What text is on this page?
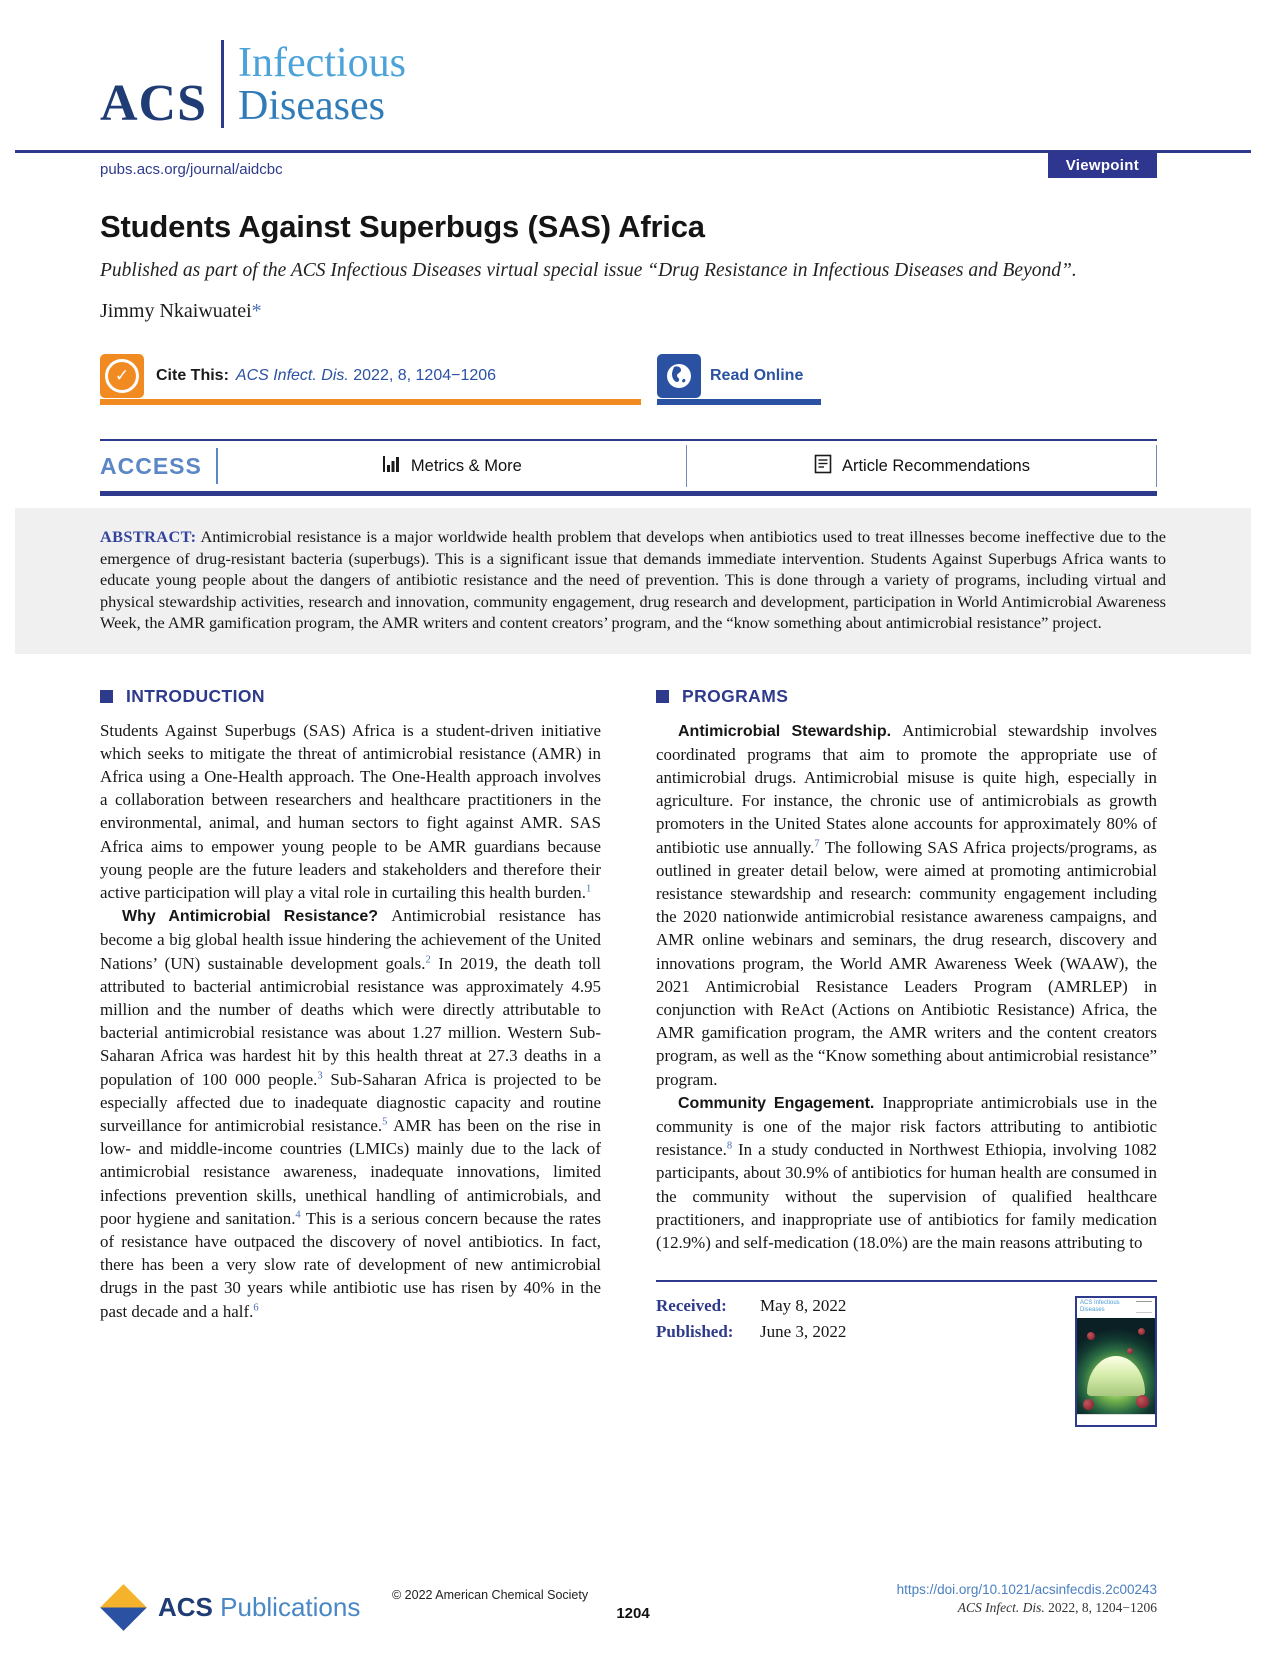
ACS
Infectious
Diseases
Viewpoint
pubs.acs.org/journal/aidcbc
Students Against Superbugs (SAS) Africa

Published as part of the ACS Infectious Diseases virtual special issue “Drug Resistance in Infectious Diseases and Beyond”.

Jimmy Nkaiwuatei*

✓ Cite This: ACS Infect. Dis. 2022, 8, 1204−1206	Read Online
ACCESS	Metrics & More	Article Recommendations

ABSTRACT: Antimicrobial resistance is a major worldwide health problem that develops when antibiotics used to treat illnesses become ineffective due to the emergence of drug-resistant bacteria (superbugs). This is a significant issue that demands immediate intervention. Students Against Superbugs Africa wants to educate young people about the dangers of antibiotic resistance and the need of prevention. This is done through a variety of programs, including virtual and physical stewardship activities, research and innovation, community engagement, drug research and development, participation in World Antimicrobial Awareness Week, the AMR gamification program, the AMR writers and content creators’ program, and the “know something about antimicrobial resistance” project.

INTRODUCTION

Students Against Superbugs (SAS) Africa is a student-driven initiative which seeks to mitigate the threat of antimicrobial resistance (AMR) in Africa using a One-Health approach. The One-Health approach involves a collaboration between researchers and healthcare practitioners in the environmental, animal, and human sectors to fight against AMR. SAS Africa aims to empower young people to be AMR guardians because young people are the future leaders and stakeholders and therefore their active participation will play a vital role in curtailing this health burden.$^1$

Why Antimicrobial Resistance? Antimicrobial resistance has become a big global health issue hindering the achievement of the United Nations’ (UN) sustainable development goals.$^2$ In 2019, the death toll attributed to bacterial antimicrobial resistance was approximately 4.95 million and the number of deaths which were directly attributable to bacterial antimicrobial resistance was about 1.27 million. Western Sub-Saharan Africa was hardest hit by this health threat at 27.3 deaths in a population of 100 000 people.$^3$ Sub-Saharan Africa is projected to be especially affected due to inadequate diagnostic capacity and routine surveillance for antimicrobial resistance.$^5$ AMR has been on the rise in low- and middle-income countries (LMICs) mainly due to the lack of antimicrobial resistance awareness, inadequate innovations, limited infections prevention skills, unethical handling of antimicrobials, and poor hygiene and sanitation.$^4$ This is a serious concern because the rates of resistance have outpaced the discovery of novel antibiotics. In fact, there has been a very slow rate of development of new antimicrobial drugs in the past 30 years while antibiotic use has risen by 40% in the past decade and a half.$^6$

PROGRAMS

Antimicrobial Stewardship. Antimicrobial stewardship involves coordinated programs that aim to promote the appropriate use of antimicrobial drugs. Antimicrobial misuse is quite high, especially in agriculture. For instance, the chronic use of antimicrobials as growth promoters in the United States alone accounts for approximately 80% of antibiotic use annually.$^7$ The following SAS Africa projects/programs, as outlined in greater detail below, were aimed at promoting antimicrobial resistance stewardship and research: community engagement including the 2020 nationwide antimicrobial resistance awareness campaigns, and AMR online webinars and seminars, the drug research, discovery and innovations program, the World AMR Awareness Week (WAAW), the 2021 Antimicrobial Resistance Leaders Program (AMRLEP) in conjunction with ReAct (Actions on Antibiotic Resistance) Africa, the AMR gamification program, the AMR writers and the content creators program, as well as the “Know something about antimicrobial resistance” program.

Community Engagement. Inappropriate antimicrobials use in the community is one of the major risk factors attributing to antibiotic resistance.$^8$ In a study conducted in Northwest Ethiopia, involving 1082 participants, about 30.9% of antibiotics for human health are consumed in the community without the supervision of qualified healthcare practitioners, and inappropriate use of antibiotics for family medication (12.9%) and self-medication (18.0%) are the main reasons attributing to

Received:	May 8, 2022
Published:	June 3, 2022
ACS Infectious Diseases
ACS Publications	© 2022 American Chemical Society
1204
https://doi.org/10.1021/acsinfecdis.2c00243
ACS Infect. Dis. 2022, 8, 1204−1206
